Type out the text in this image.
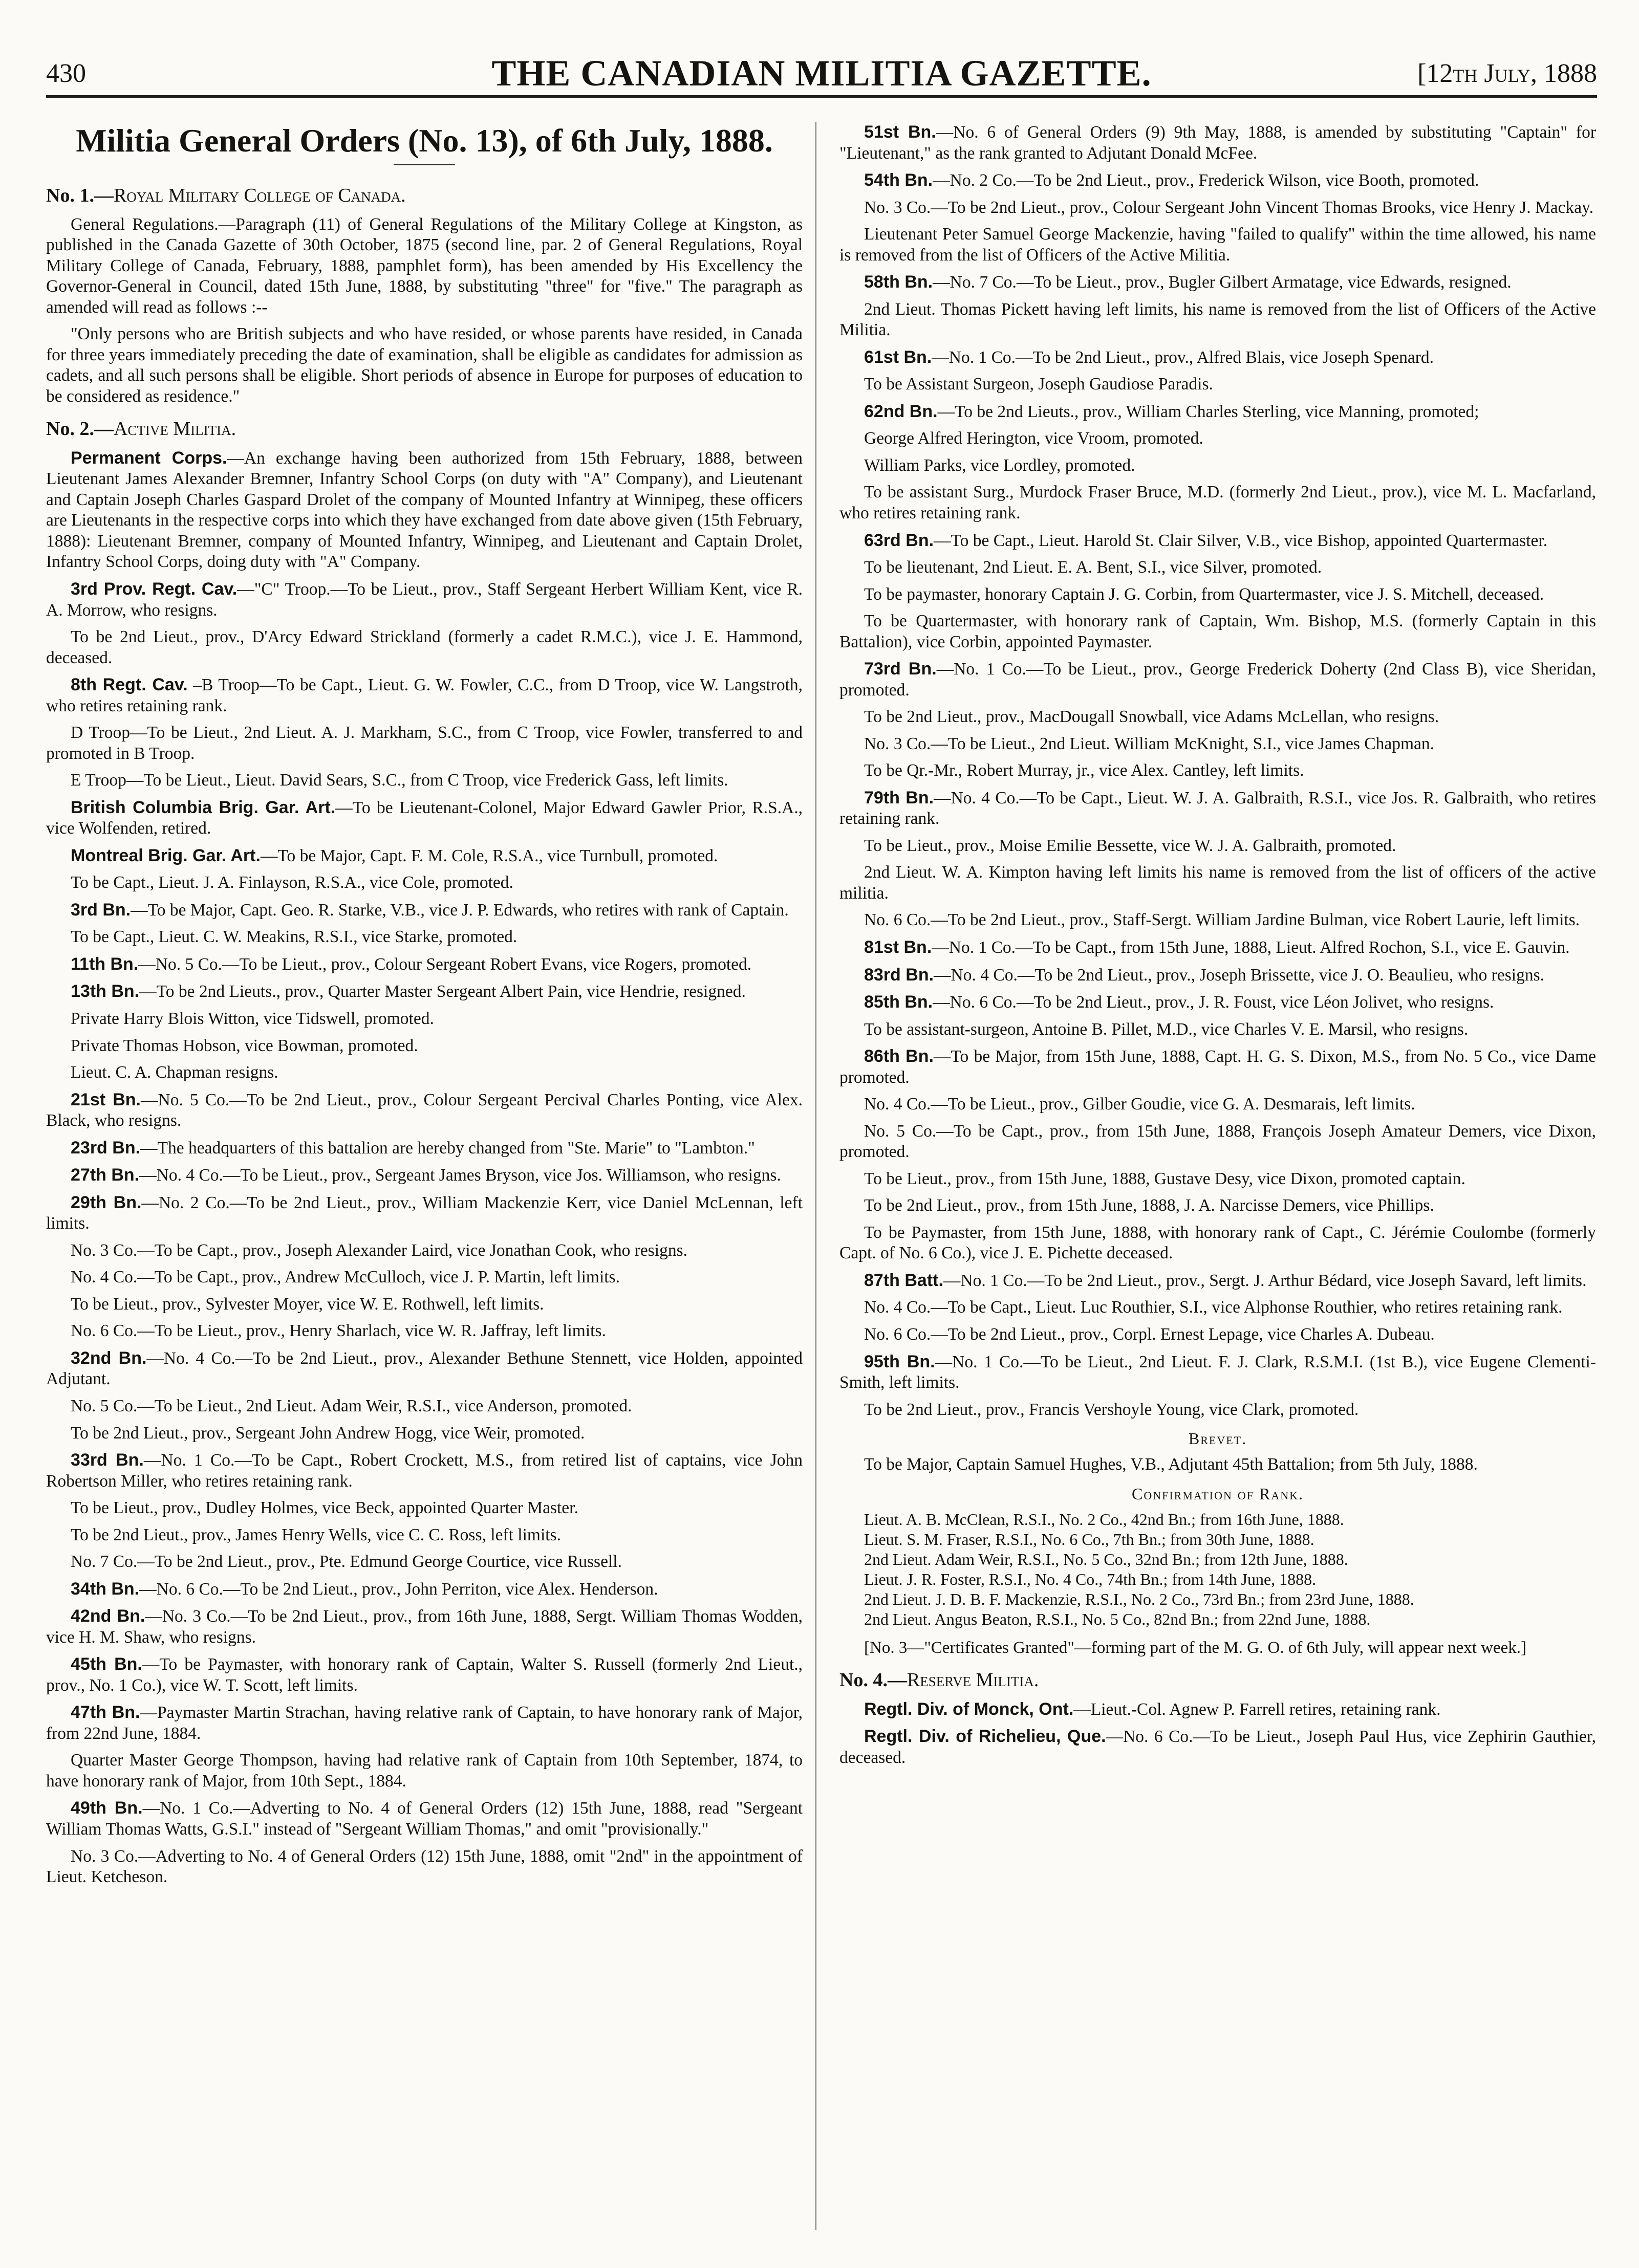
430	THE CANADIAN MILITIA GAZETTE.	[12th July, 1888
Militia General Orders (No. 13), of 6th July, 1888.
No. 1.—Royal Military College of Canada.

General Regulations.—Paragraph (11) of General Regulations of the Military College at Kingston, as published in the Canada Gazette of 30th October, 1875 (second line, par. 2 of General Regulations, Royal Military College of Canada, February, 1888, pamphlet form), has been amended by His Excellency the Governor-General in Council, dated 15th June, 1888, by substituting "three" for "five." The paragraph as amended will read as follows :--

"Only persons who are British subjects and who have resided, or whose parents have resided, in Canada for three years immediately preceding the date of examination, shall be eligible as candidates for admission as cadets, and all such persons shall be eligible. Short periods of absence in Europe for purposes of education to be considered as residence."

No. 2.—Active Militia.

Permanent Corps.—An exchange having been authorized from 15th February, 1888, between Lieutenant James Alexander Bremner, Infantry School Corps (on duty with "A" Company), and Lieutenant and Captain Joseph Charles Gaspard Drolet of the company of Mounted Infantry at Winnipeg, these officers are Lieutenants in the respective corps into which they have exchanged from date above given (15th February, 1888): Lieutenant Bremner, company of Mounted Infantry, Winnipeg, and Lieutenant and Captain Drolet, Infantry School Corps, doing duty with "A" Company.

3rd Prov. Regt. Cav.—"C" Troop.—To be Lieut., prov., Staff Sergeant Herbert William Kent, vice R. A. Morrow, who resigns.

To be 2nd Lieut., prov., D'Arcy Edward Strickland (formerly a cadet R.M.C.), vice J. E. Hammond, deceased.

8th Regt. Cav. –B Troop—To be Capt., Lieut. G. W. Fowler, C.C., from D Troop, vice W. Langstroth, who retires retaining rank.

D Troop—To be Lieut., 2nd Lieut. A. J. Markham, S.C., from C Troop, vice Fowler, transferred to and promoted in B Troop.

E Troop—To be Lieut., Lieut. David Sears, S.C., from C Troop, vice Frederick Gass, left limits.

British Columbia Brig. Gar. Art.—To be Lieutenant-Colonel, Major Edward Gawler Prior, R.S.A., vice Wolfenden, retired.

Montreal Brig. Gar. Art.—To be Major, Capt. F. M. Cole, R.S.A., vice Turnbull, promoted.

To be Capt., Lieut. J. A. Finlayson, R.S.A., vice Cole, promoted.

3rd Bn.—To be Major, Capt. Geo. R. Starke, V.B., vice J. P. Edwards, who retires with rank of Captain.

To be Capt., Lieut. C. W. Meakins, R.S.I., vice Starke, promoted.

11th Bn.—No. 5 Co.—To be Lieut., prov., Colour Sergeant Robert Evans, vice Rogers, promoted.

13th Bn.—To be 2nd Lieuts., prov., Quarter Master Sergeant Albert Pain, vice Hendrie, resigned.

Private Harry Blois Witton, vice Tidswell, promoted.

Private Thomas Hobson, vice Bowman, promoted.

Lieut. C. A. Chapman resigns.

21st Bn.—No. 5 Co.—To be 2nd Lieut., prov., Colour Sergeant Percival Charles Ponting, vice Alex. Black, who resigns.

23rd Bn.—The headquarters of this battalion are hereby changed from "Ste. Marie" to "Lambton."

27th Bn.—No. 4 Co.—To be Lieut., prov., Sergeant James Bryson, vice Jos. Williamson, who resigns.

29th Bn.—No. 2 Co.—To be 2nd Lieut., prov., William Mackenzie Kerr, vice Daniel McLennan, left limits.

No. 3 Co.—To be Capt., prov., Joseph Alexander Laird, vice Jonathan Cook, who resigns.

No. 4 Co.—To be Capt., prov., Andrew McCulloch, vice J. P. Martin, left limits.

To be Lieut., prov., Sylvester Moyer, vice W. E. Rothwell, left limits.

No. 6 Co.—To be Lieut., prov., Henry Sharlach, vice W. R. Jaffray, left limits.

32nd Bn.—No. 4 Co.—To be 2nd Lieut., prov., Alexander Bethune Stennett, vice Holden, appointed Adjutant.

No. 5 Co.—To be Lieut., 2nd Lieut. Adam Weir, R.S.I., vice Anderson, promoted.

To be 2nd Lieut., prov., Sergeant John Andrew Hogg, vice Weir, promoted.

33rd Bn.—No. 1 Co.—To be Capt., Robert Crockett, M.S., from retired list of captains, vice John Robertson Miller, who retires retaining rank.

To be Lieut., prov., Dudley Holmes, vice Beck, appointed Quarter Master.

To be 2nd Lieut., prov., James Henry Wells, vice C. C. Ross, left limits.

No. 7 Co.—To be 2nd Lieut., prov., Pte. Edmund George Courtice, vice Russell.

34th Bn.—No. 6 Co.—To be 2nd Lieut., prov., John Perriton, vice Alex. Henderson.

42nd Bn.—No. 3 Co.—To be 2nd Lieut., prov., from 16th June, 1888, Sergt. William Thomas Wodden, vice H. M. Shaw, who resigns.

45th Bn.—To be Paymaster, with honorary rank of Captain, Walter S. Russell (formerly 2nd Lieut., prov., No. 1 Co.), vice W. T. Scott, left limits.

47th Bn.—Paymaster Martin Strachan, having relative rank of Captain, to have honorary rank of Major, from 22nd June, 1884.

Quarter Master George Thompson, having had relative rank of Captain from 10th September, 1874, to have honorary rank of Major, from 10th Sept., 1884.

49th Bn.—No. 1 Co.—Adverting to No. 4 of General Orders (12) 15th June, 1888, read "Sergeant William Thomas Watts, G.S.I." instead of "Sergeant William Thomas," and omit "provisionally."

No. 3 Co.—Adverting to No. 4 of General Orders (12) 15th June, 1888, omit "2nd" in the appointment of Lieut. Ketcheson.

51st Bn.—No. 6 of General Orders (9) 9th May, 1888, is amended by substituting "Captain" for "Lieutenant," as the rank granted to Adjutant Donald McFee.

54th Bn.—No. 2 Co.—To be 2nd Lieut., prov., Frederick Wilson, vice Booth, promoted.

No. 3 Co.—To be 2nd Lieut., prov., Colour Sergeant John Vincent Thomas Brooks, vice Henry J. Mackay.

Lieutenant Peter Samuel George Mackenzie, having "failed to qualify" within the time allowed, his name is removed from the list of Officers of the Active Militia.

58th Bn.—No. 7 Co.—To be Lieut., prov., Bugler Gilbert Armatage, vice Edwards, resigned.

2nd Lieut. Thomas Pickett having left limits, his name is removed from the list of Officers of the Active Militia.

61st Bn.—No. 1 Co.—To be 2nd Lieut., prov., Alfred Blais, vice Joseph Spenard.

To be Assistant Surgeon, Joseph Gaudiose Paradis.

62nd Bn.—To be 2nd Lieuts., prov., William Charles Sterling, vice Manning, promoted;

George Alfred Herington, vice Vroom, promoted.

William Parks, vice Lordley, promoted.

To be assistant Surg., Murdock Fraser Bruce, M.D. (formerly 2nd Lieut., prov.), vice M. L. Macfarland, who retires retaining rank.

63rd Bn.—To be Capt., Lieut. Harold St. Clair Silver, V.B., vice Bishop, appointed Quartermaster.

To be lieutenant, 2nd Lieut. E. A. Bent, S.I., vice Silver, promoted.

To be paymaster, honorary Captain J. G. Corbin, from Quartermaster, vice J. S. Mitchell, deceased.

To be Quartermaster, with honorary rank of Captain, Wm. Bishop, M.S. (formerly Captain in this Battalion), vice Corbin, appointed Paymaster.

73rd Bn.—No. 1 Co.—To be Lieut., prov., George Frederick Doherty (2nd Class B), vice Sheridan, promoted.

To be 2nd Lieut., prov., MacDougall Snowball, vice Adams McLellan, who resigns.

No. 3 Co.—To be Lieut., 2nd Lieut. William McKnight, S.I., vice James Chapman.

To be Qr.-Mr., Robert Murray, jr., vice Alex. Cantley, left limits.

79th Bn.—No. 4 Co.—To be Capt., Lieut. W. J. A. Galbraith, R.S.I., vice Jos. R. Galbraith, who retires retaining rank.

To be Lieut., prov., Moise Emilie Bessette, vice W. J. A. Galbraith, promoted.

2nd Lieut. W. A. Kimpton having left limits his name is removed from the list of officers of the active militia.

No. 6 Co.—To be 2nd Lieut., prov., Staff-Sergt. William Jardine Bulman, vice Robert Laurie, left limits.

81st Bn.—No. 1 Co.—To be Capt., from 15th June, 1888, Lieut. Alfred Rochon, S.I., vice E. Gauvin.

83rd Bn.—No. 4 Co.—To be 2nd Lieut., prov., Joseph Brissette, vice J. O. Beaulieu, who resigns.

85th Bn.—No. 6 Co.—To be 2nd Lieut., prov., J. R. Foust, vice Léon Jolivet, who resigns.

To be assistant-surgeon, Antoine B. Pillet, M.D., vice Charles V. E. Marsil, who resigns.

86th Bn.—To be Major, from 15th June, 1888, Capt. H. G. S. Dixon, M.S., from No. 5 Co., vice Dame promoted.

No. 4 Co.—To be Lieut., prov., Gilber Goudie, vice G. A. Desmarais, left limits.

No. 5 Co.—To be Capt., prov., from 15th June, 1888, François Joseph Amateur Demers, vice Dixon, promoted.

To be Lieut., prov., from 15th June, 1888, Gustave Desy, vice Dixon, promoted captain.

To be 2nd Lieut., prov., from 15th June, 1888, J. A. Narcisse Demers, vice Phillips.

To be Paymaster, from 15th June, 1888, with honorary rank of Capt., C. Jérémie Coulombe (formerly Capt. of No. 6 Co.), vice J. E. Pichette deceased.

87th Batt.—No. 1 Co.—To be 2nd Lieut., prov., Sergt. J. Arthur Bédard, vice Joseph Savard, left limits.

No. 4 Co.—To be Capt., Lieut. Luc Routhier, S.I., vice Alphonse Routhier, who retires retaining rank.

No. 6 Co.—To be 2nd Lieut., prov., Corpl. Ernest Lepage, vice Charles A. Dubeau.

95th Bn.—No. 1 Co.—To be Lieut., 2nd Lieut. F. J. Clark, R.S.M.I. (1st B.), vice Eugene Clementi-Smith, left limits.

To be 2nd Lieut., prov., Francis Vershoyle Young, vice Clark, promoted.

Brevet.

To be Major, Captain Samuel Hughes, V.B., Adjutant 45th Battalion; from 5th July, 1888.

Confirmation of Rank.

Lieut. A. B. McClean, R.S.I., No. 2 Co., 42nd Bn.; from 16th June, 1888.

Lieut. S. M. Fraser, R.S.I., No. 6 Co., 7th Bn.; from 30th June, 1888.

2nd Lieut. Adam Weir, R.S.I., No. 5 Co., 32nd Bn.; from 12th June, 1888.

Lieut. J. R. Foster, R.S.I., No. 4 Co., 74th Bn.; from 14th June, 1888.

2nd Lieut. J. D. B. F. Mackenzie, R.S.I., No. 2 Co., 73rd Bn.; from 23rd June, 1888.

2nd Lieut. Angus Beaton, R.S.I., No. 5 Co., 82nd Bn.; from 22nd June, 1888.

[No. 3—"Certificates Granted"—forming part of the M. G. O. of 6th July, will appear next week.]

No. 4.—Reserve Militia.

Regtl. Div. of Monck, Ont.—Lieut.-Col. Agnew P. Farrell retires, retaining rank.

Regtl. Div. of Richelieu, Que.—No. 6 Co.—To be Lieut., Joseph Paul Hus, vice Zephirin Gauthier, deceased.
